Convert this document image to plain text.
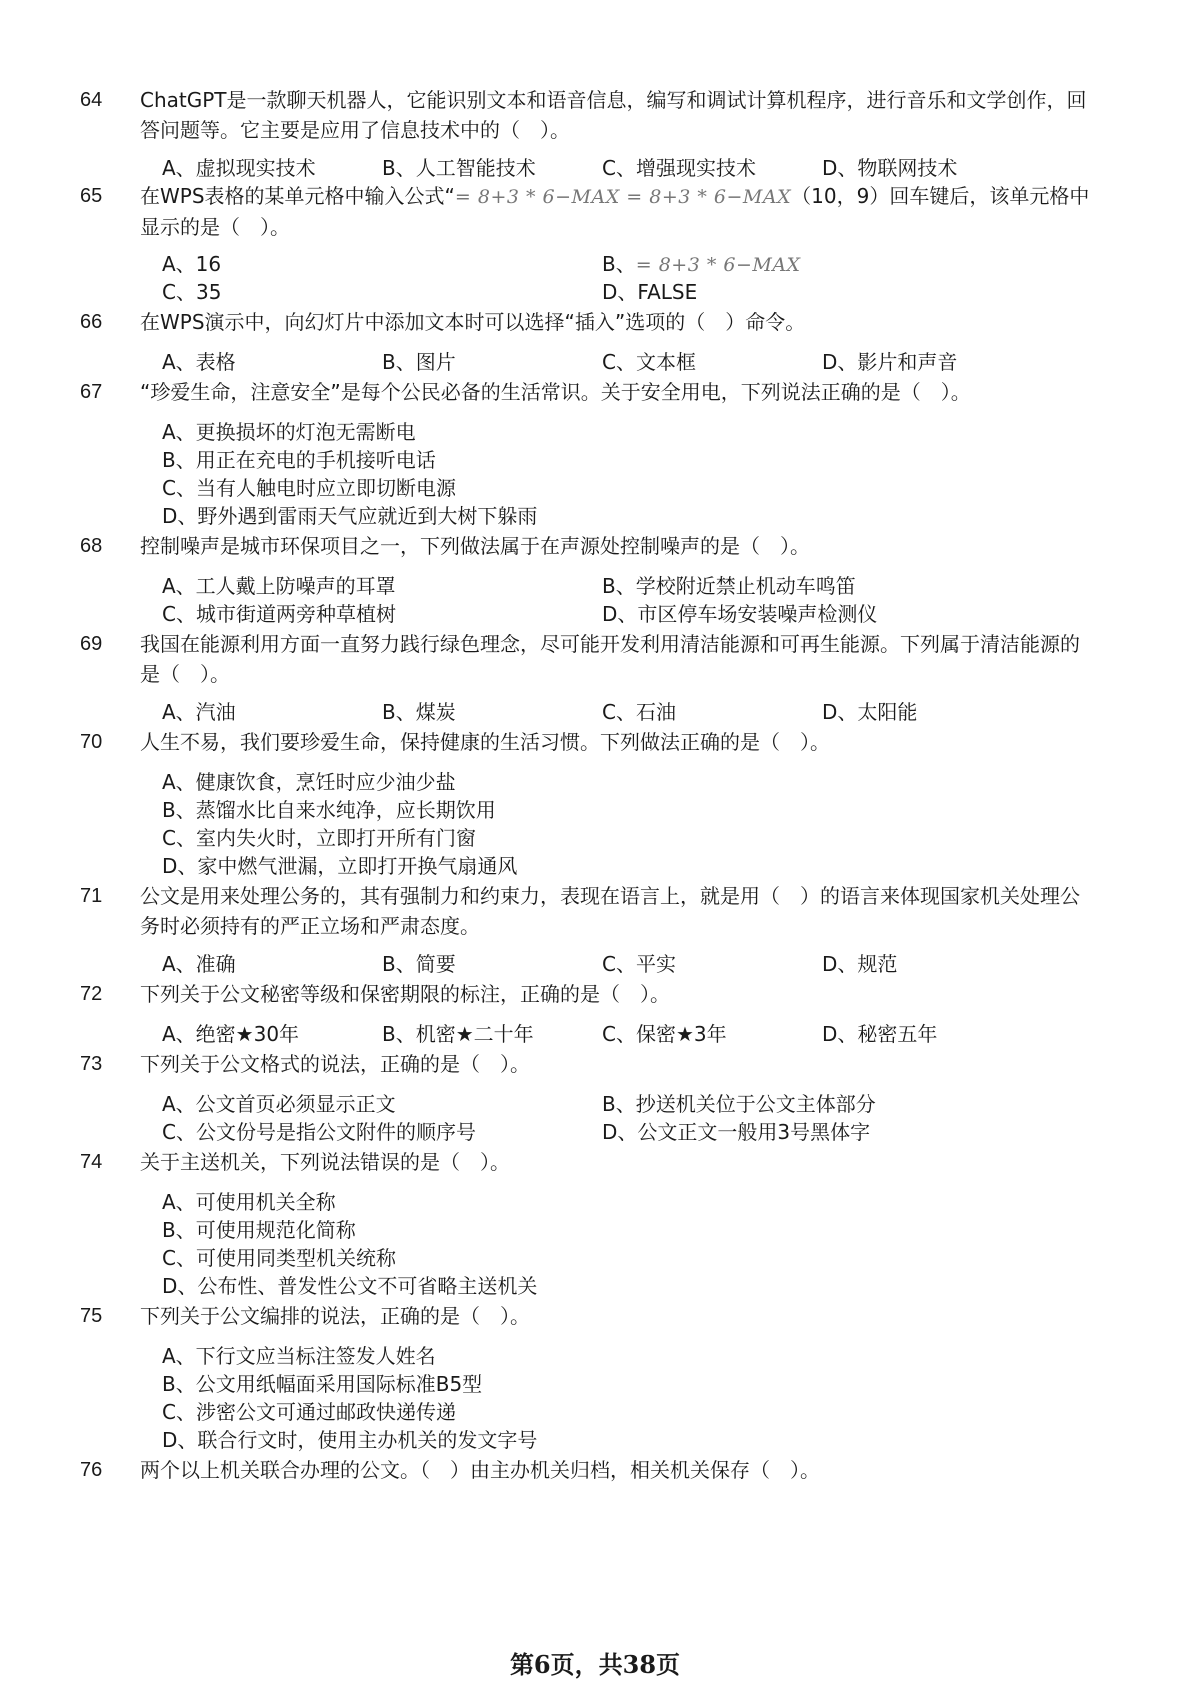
64 ChatGPT是一款聊天机器人，它能识别文本和语音信息，编写和调试计算机程序，进行音乐和文学创作，回答问题等。它主要是应用了信息技术中的（　）。
A、虚拟现实技术	B、人工智能技术	C、增强现实技术	D、物联网技术
65 在WPS表格的某单元格中输入公式“= 8+3 * 6−MAX = 8+3 * 6−MAX（10，9）回车键后，该单元格中显示的是（　）。
A、16	B、= 8+3 * 6−MAX
C、35	D、FALSE
66 在WPS演示中，向幻灯片中添加文本时可以选择“插入”选项的（　）命令。
A、表格	B、图片	C、文本框	D、影片和声音
67 “珍爱生命，注意安全”是每个公民必备的生活常识。关于安全用电，下列说法正确的是（　）。
A、更换损坏的灯泡无需断电
B、用正在充电的手机接听电话
C、当有人触电时应立即切断电源
D、野外遇到雷雨天气应就近到大树下躲雨
68 控制噪声是城市环保项目之一，下列做法属于在声源处控制噪声的是（　）。
A、工人戴上防噪声的耳罩	B、学校附近禁止机动车鸣笛
C、城市街道两旁种草植树	D、市区停车场安装噪声检测仪
69 我国在能源利用方面一直努力践行绿色理念，尽可能开发利用清洁能源和可再生能源。下列属于清洁能源的是（　）。
A、汽油	B、煤炭	C、石油	D、太阳能
70 人生不易，我们要珍爱生命，保持健康的生活习惯。下列做法正确的是（　）。
A、健康饮食，烹饪时应少油少盐
B、蒸馏水比自来水纯净，应长期饮用
C、室内失火时，立即打开所有门窗
D、家中燃气泄漏，立即打开换气扇通风
71 公文是用来处理公务的，其有强制力和约束力，表现在语言上，就是用（　）的语言来体现国家机关处理公务时必须持有的严正立场和严肃态度。
A、准确	B、简要	C、平实	D、规范
72 下列关于公文秘密等级和保密期限的标注，正确的是（　）。
A、绝密★30年	B、机密★二十年	C、保密★3年	D、秘密五年
73 下列关于公文格式的说法，正确的是（　）。
A、公文首页必须显示正文	B、抄送机关位于公文主体部分
C、公文份号是指公文附件的顺序号	D、公文正文一般用3号黑体字
74 关于主送机关，下列说法错误的是（　）。
A、可使用机关全称
B、可使用规范化简称
C、可使用同类型机关统称
D、公布性、普发性公文不可省略主送机关
75 下列关于公文编排的说法，正确的是（　）。
A、下行文应当标注签发人姓名
B、公文用纸幅面采用国际标准B5型
C、涉密公文可通过邮政快递传递
D、联合行文时，使用主办机关的发文字号
76 两个以上机关联合办理的公文。（　）由主办机关归档，相关机关保存（　）。
第6页，共38页
